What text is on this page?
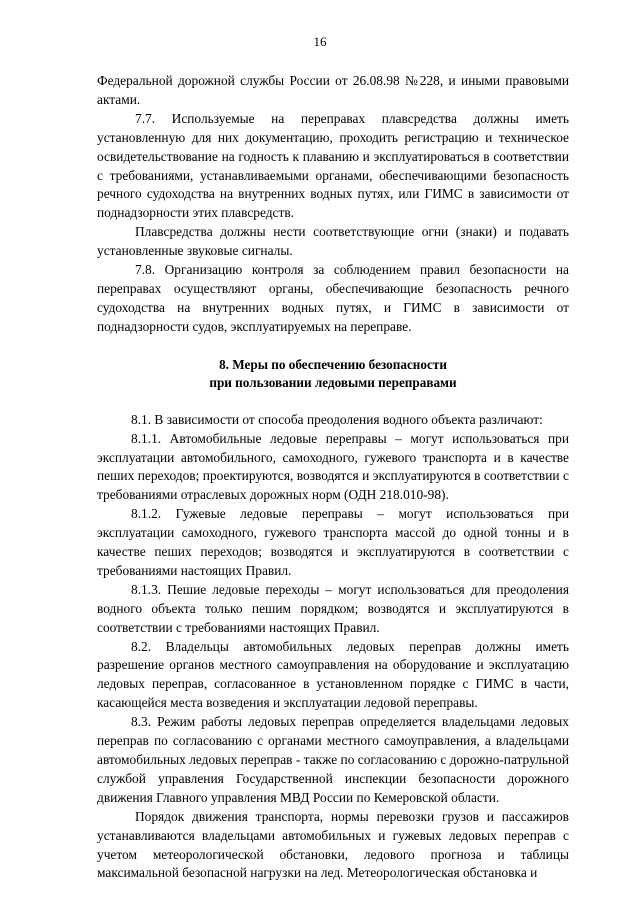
16

Федеральной дорожной службы России от 26.08.98 №228, и иными правовыми актами.

7.7. Используемые на переправах плавсредства должны иметь установленную для них документацию, проходить регистрацию и техническое освидетельствование на годность к плаванию и эксплуатироваться в соответствии с требованиями, устанавливаемыми органами, обеспечивающими безопасность речного судоходства на внутренних водных путях, или ГИМС в зависимости от поднадзорности этих плавсредств.

Плавсредства должны нести соответствующие огни (знаки) и подавать установленные звуковые сигналы.

7.8. Организацию контроля за соблюдением правил безопасности на переправах осуществляют органы, обеспечивающие безопасность речного судоходства на внутренних водных путях, и ГИМС в зависимости от поднадзорности судов, эксплуатируемых на переправе.

8. Меры по обеспечению безопасности
при пользовании ледовыми переправами

8.1. В зависимости от способа преодоления водного объекта различают:

8.1.1. Автомобильные ледовые переправы – могут использоваться при эксплуатации автомобильного, самоходного, гужевого транспорта и в качестве пеших переходов; проектируются, возводятся и эксплуатируются в соответствии с требованиями отраслевых дорожных норм (ОДН 218.010-98).

8.1.2. Гужевые ледовые переправы – могут использоваться при эксплуатации самоходного, гужевого транспорта массой до одной тонны и в качестве пеших переходов; возводятся и эксплуатируются в соответствии с требованиями настоящих Правил.

8.1.3. Пешие ледовые переходы – могут использоваться для преодоления водного объекта только пешим порядком; возводятся и эксплуатируются в соответствии с требованиями настоящих Правил.

8.2. Владельцы автомобильных ледовых переправ должны иметь разрешение органов местного самоуправления на оборудование и эксплуатацию ледовых переправ, согласованное в установленном порядке с ГИМС в части, касающейся места возведения и эксплуатации ледовой переправы.

8.3. Режим работы ледовых переправ определяется владельцами ледовых переправ по согласованию с органами местного самоуправления, а владельцами автомобильных ледовых переправ - также по согласованию с дорожно-патрульной службой управления Государственной инспекции безопасности дорожного движения Главного управления МВД России по Кемеровской области.

Порядок движения транспорта, нормы перевозки грузов и пассажиров устанавливаются владельцами автомобильных и гужевых ледовых переправ с учетом метеорологической обстановки, ледового прогноза и таблицы максимальной безопасной нагрузки на лед. Метеорологическая обстановка и
